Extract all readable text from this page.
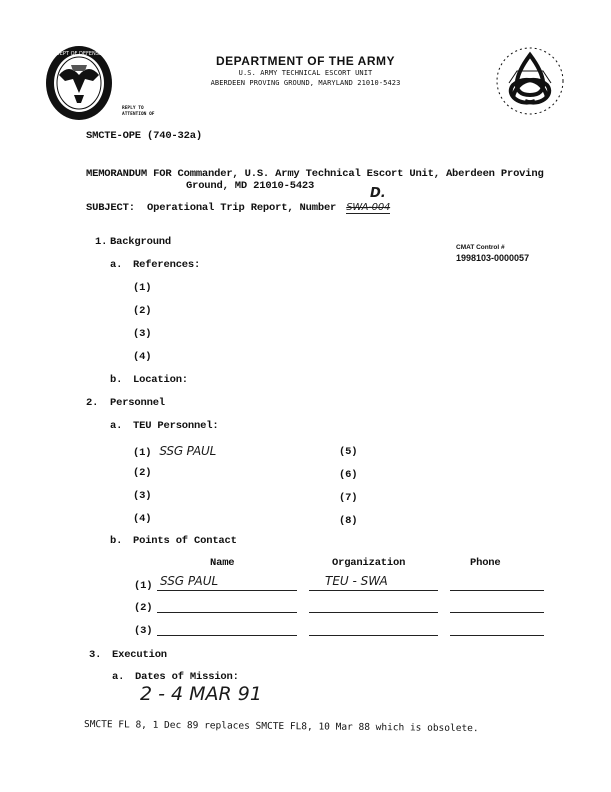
DEPT OF DEFENSE	DEPARTMENT OF THE ARMY
U.S. ARMY TECHNICAL ESCORT UNIT
ABERDEEN PROVING GROUND, MARYLAND 21010-5423
REPLY TO
ATTENTION OF
SMCTE-OPE (740-32a)
MEMORANDUM FOR Commander, U.S. Army Technical Escort Unit, Aberdeen Proving
Ground, MD 21010-5423
SUBJECT: Operational Trip Report, Number SWA-004
D.
CMAT Control #
1998103-0000057
1. Background
a. References:
(1)
(2)
(3)
(4)
b. Location:
2. Personnel
a. TEU Personnel:
(1) SSG PAUL
(2)
(3)
(4)
(5)
(6)
(7)
(8)
b. Points of Contact
Name	Organization	Phone
(1) SSG PAUL	TEU - SWA
(2)
(3)
3. Execution
a. Dates of Mission:
2 - 4 MAR 91
SMCTE FL 8, 1 Dec 89 replaces SMCTE FL8, 10 Mar 88 which is obsolete.
